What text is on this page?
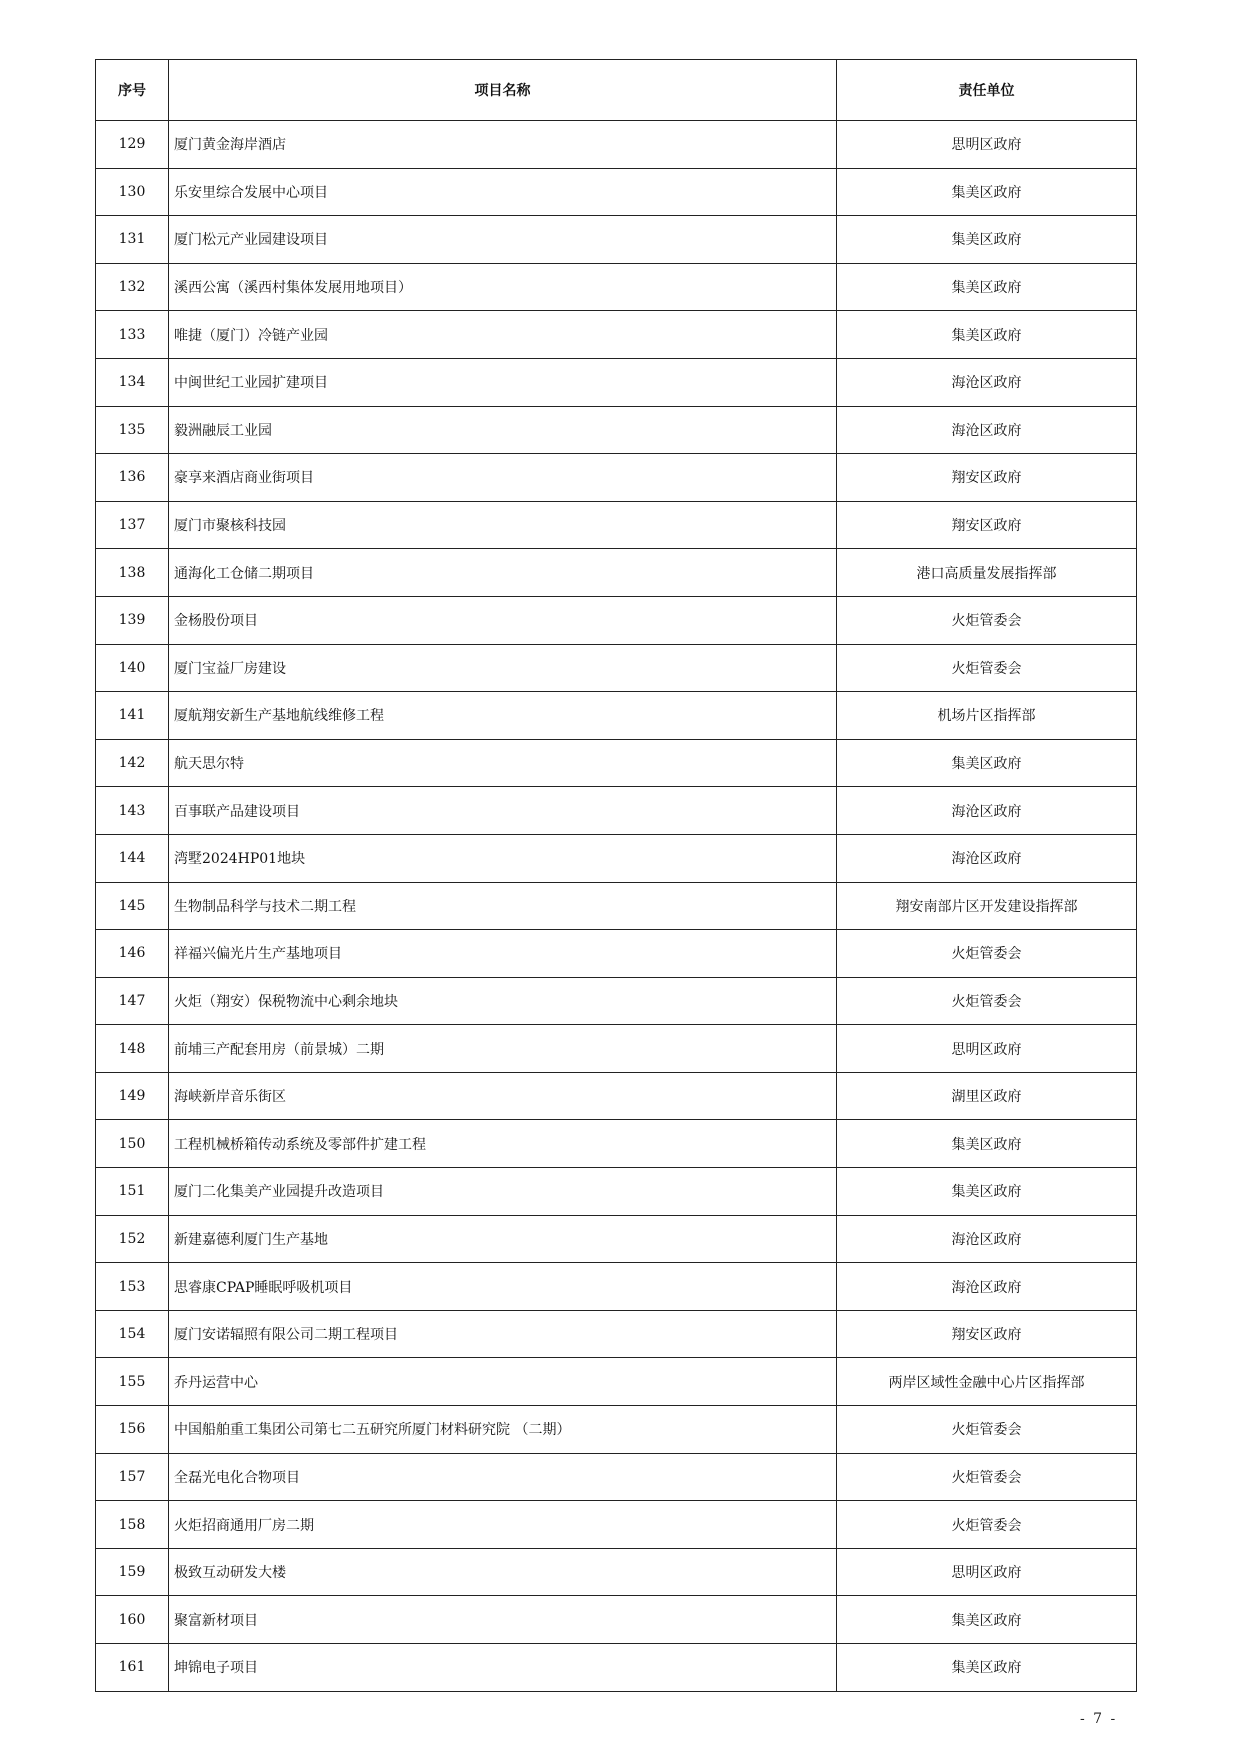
序号	项目名称	责任单位
129	厦门黄金海岸酒店	思明区政府
130	乐安里综合发展中心项目	集美区政府
131	厦门松元产业园建设项目	集美区政府
132	溪西公寓（溪西村集体发展用地项目）	集美区政府
133	唯捷（厦门）冷链产业园	集美区政府
134	中闽世纪工业园扩建项目	海沧区政府
135	毅洲融辰工业园	海沧区政府
136	豪享来酒店商业街项目	翔安区政府
137	厦门市聚核科技园	翔安区政府
138	通海化工仓储二期项目	港口高质量发展指挥部
139	金杨股份项目	火炬管委会
140	厦门宝益厂房建设	火炬管委会
141	厦航翔安新生产基地航线维修工程	机场片区指挥部
142	航天思尔特	集美区政府
143	百事联产品建设项目	海沧区政府
144	湾墅2024HP01地块	海沧区政府
145	生物制品科学与技术二期工程	翔安南部片区开发建设指挥部
146	祥福兴偏光片生产基地项目	火炬管委会
147	火炬（翔安）保税物流中心剩余地块	火炬管委会
148	前埔三产配套用房（前景城）二期	思明区政府
149	海峡新岸音乐街区	湖里区政府
150	工程机械桥箱传动系统及零部件扩建工程	集美区政府
151	厦门二化集美产业园提升改造项目	集美区政府
152	新建嘉德利厦门生产基地	海沧区政府
153	思睿康CPAP睡眠呼吸机项目	海沧区政府
154	厦门安诺辐照有限公司二期工程项目	翔安区政府
155	乔丹运营中心	两岸区域性金融中心片区指挥部
156	中国船舶重工集团公司第七二五研究所厦门材料研究院 （二期）	火炬管委会
157	全磊光电化合物项目	火炬管委会
158	火炬招商通用厂房二期	火炬管委会
159	极致互动研发大楼	思明区政府
160	聚富新材项目	集美区政府
161	坤锦电子项目	集美区政府
- 7 -
